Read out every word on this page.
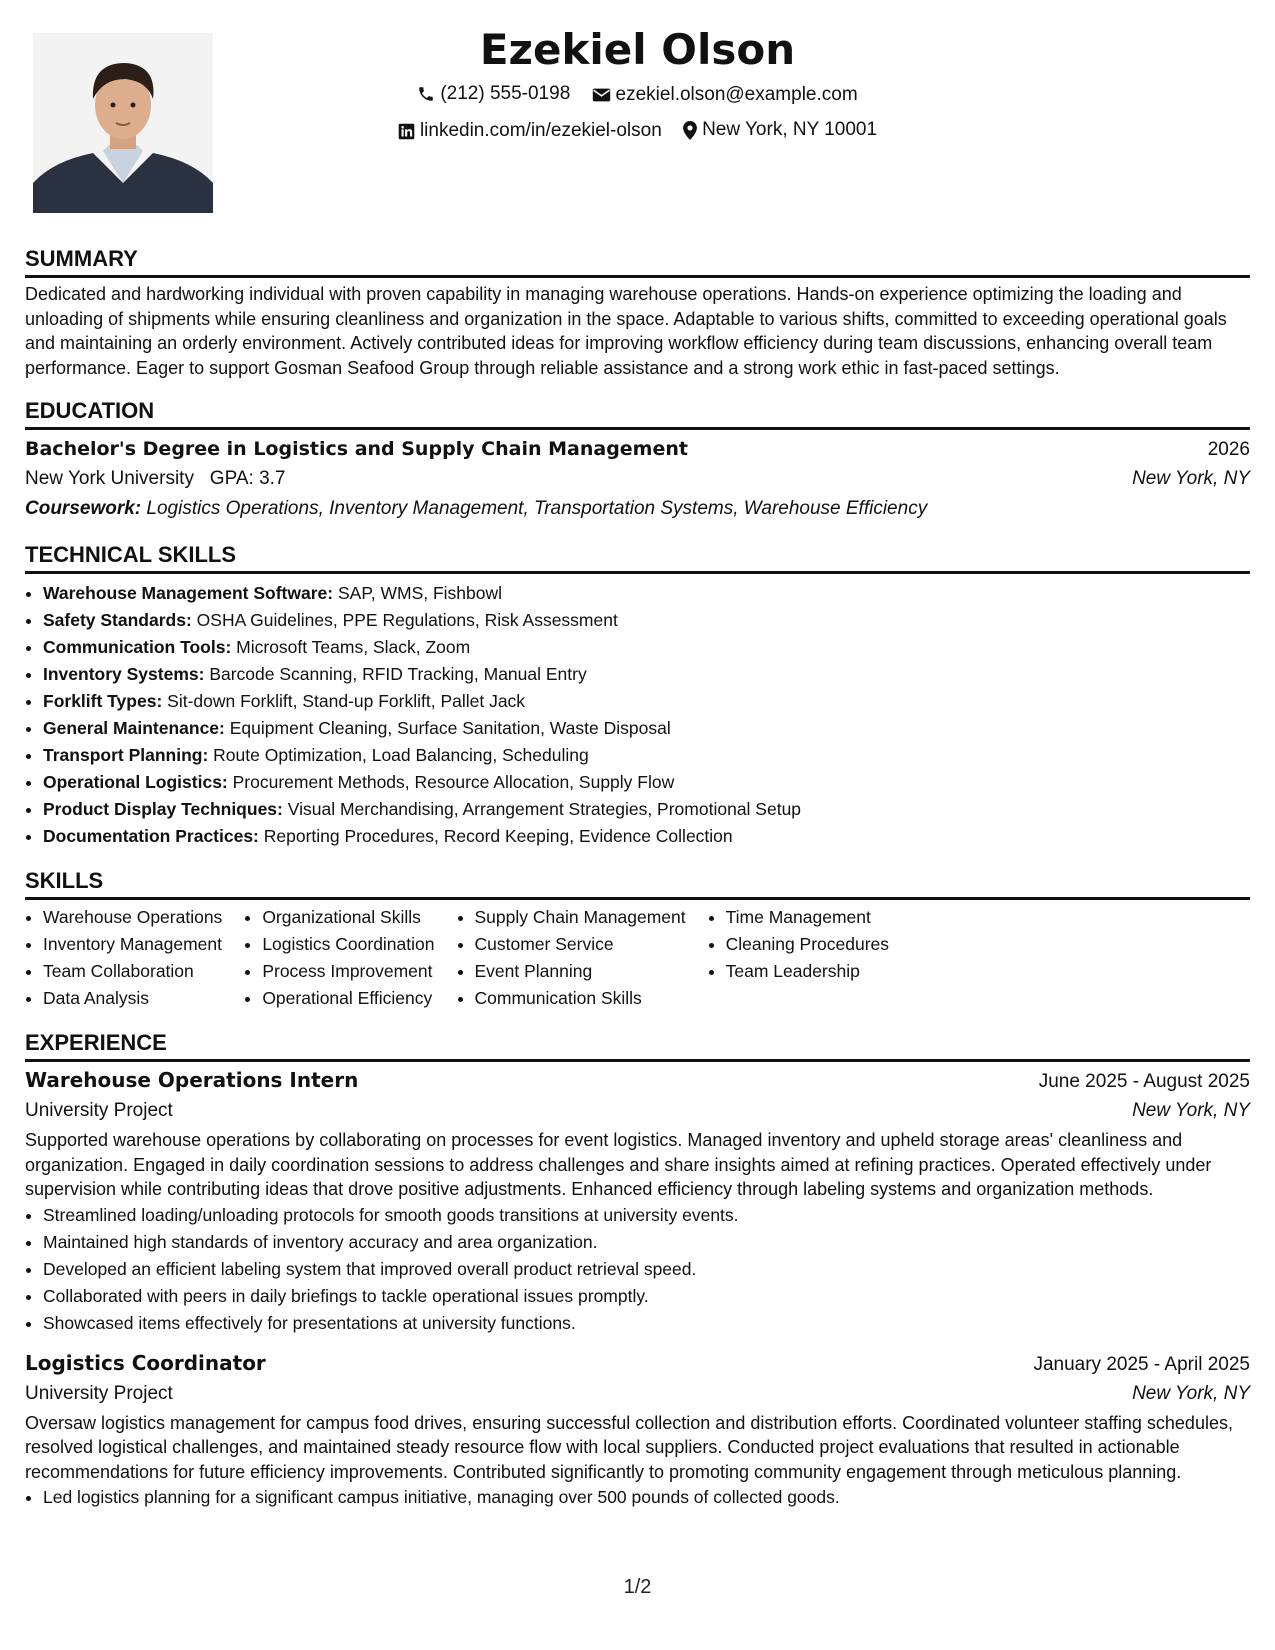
Ezekiel Olson
(212) 555-0198
ezekiel.olson@example.com
linkedin.com/in/ezekiel-olson
New York, NY 10001
SUMMARY

Dedicated and hardworking individual with proven capability in managing warehouse operations. Hands-on experience optimizing the loading and unloading of shipments while ensuring cleanliness and organization in the space. Adaptable to various shifts, committed to exceeding operational goals and maintaining an orderly environment. Actively contributed ideas for improving workflow efficiency during team discussions, enhancing overall team performance. Eager to support Gosman Seafood Group through reliable assistance and a strong work ethic in fast-paced settings.

EDUCATION
Bachelor's Degree in Logistics and Supply Chain Management	2026
New York University GPA: 3.7	New York, NY
Coursework: Logistics Operations, Inventory Management, Transportation Systems, Warehouse Efficiency
TECHNICAL SKILLS
• Warehouse Management Software: SAP, WMS, Fishbowl
• Safety Standards: OSHA Guidelines, PPE Regulations, Risk Assessment
• Communication Tools: Microsoft Teams, Slack, Zoom
• Inventory Systems: Barcode Scanning, RFID Tracking, Manual Entry
• Forklift Types: Sit-down Forklift, Stand-up Forklift, Pallet Jack
• General Maintenance: Equipment Cleaning, Surface Sanitation, Waste Disposal
• Transport Planning: Route Optimization, Load Balancing, Scheduling
• Operational Logistics: Procurement Methods, Resource Allocation, Supply Flow
• Product Display Techniques: Visual Merchandising, Arrangement Strategies, Promotional Setup
• Documentation Practices: Reporting Procedures, Record Keeping, Evidence Collection
SKILLS
• Warehouse Operations
• Inventory Management
• Team Collaboration
• Data Analysis
• Organizational Skills
• Logistics Coordination
• Process Improvement
• Operational Efficiency
• Supply Chain Management
• Customer Service
• Event Planning
• Communication Skills
• Time Management
• Cleaning Procedures
• Team Leadership
EXPERIENCE
Warehouse Operations Intern	June 2025 - August 2025
University Project	New York, NY

Supported warehouse operations by collaborating on processes for event logistics. Managed inventory and upheld storage areas' cleanliness and organization. Engaged in daily coordination sessions to address challenges and share insights aimed at refining practices. Operated effectively under supervision while contributing ideas that drove positive adjustments. Enhanced efficiency through labeling systems and organization methods.

• Streamlined loading/unloading protocols for smooth goods transitions at university events.
• Maintained high standards of inventory accuracy and area organization.
• Developed an efficient labeling system that improved overall product retrieval speed.
• Collaborated with peers in daily briefings to tackle operational issues promptly.
• Showcased items effectively for presentations at university functions.
Logistics Coordinator	January 2025 - April 2025
University Project	New York, NY

Oversaw logistics management for campus food drives, ensuring successful collection and distribution efforts. Coordinated volunteer staffing schedules, resolved logistical challenges, and maintained steady resource flow with local suppliers. Conducted project evaluations that resulted in actionable recommendations for future efficiency improvements. Contributed significantly to promoting community engagement through meticulous planning.

• Led logistics planning for a significant campus initiative, managing over 500 pounds of collected goods.
1/2
